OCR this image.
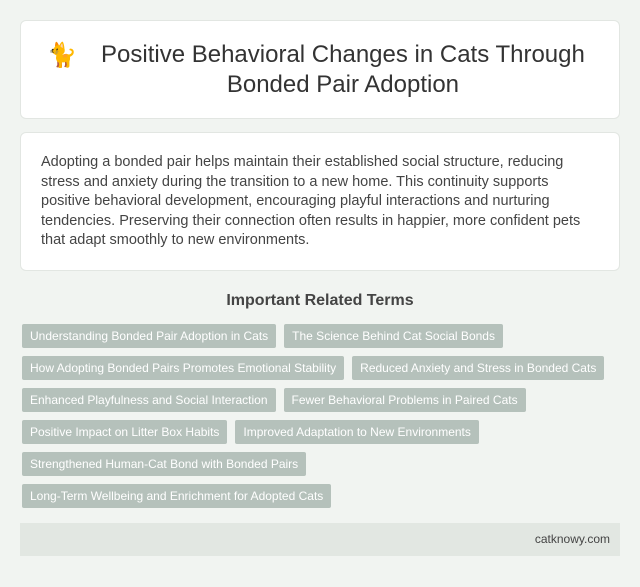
🐈	Positive Behavioral Changes in Cats Through Bonded Pair Adoption

Adopting a bonded pair helps maintain their established social structure, reducing stress and anxiety during the transition to a new home. This continuity supports positive behavioral development, encouraging playful interactions and nurturing tendencies. Preserving their connection often results in happier, more confident pets that adapt smoothly to new environments.

Important Related Terms
Understanding Bonded Pair Adoption in Cats	The Science Behind Cat Social Bonds
How Adopting Bonded Pairs Promotes Emotional Stability	Reduced Anxiety and Stress in Bonded Cats
Enhanced Playfulness and Social Interaction	Fewer Behavioral Problems in Paired Cats
Positive Impact on Litter Box Habits	Improved Adaptation to New Environments
Strengthened Human-Cat Bond with Bonded Pairs
Long-Term Wellbeing and Enrichment for Adopted Cats
catknowy.com
